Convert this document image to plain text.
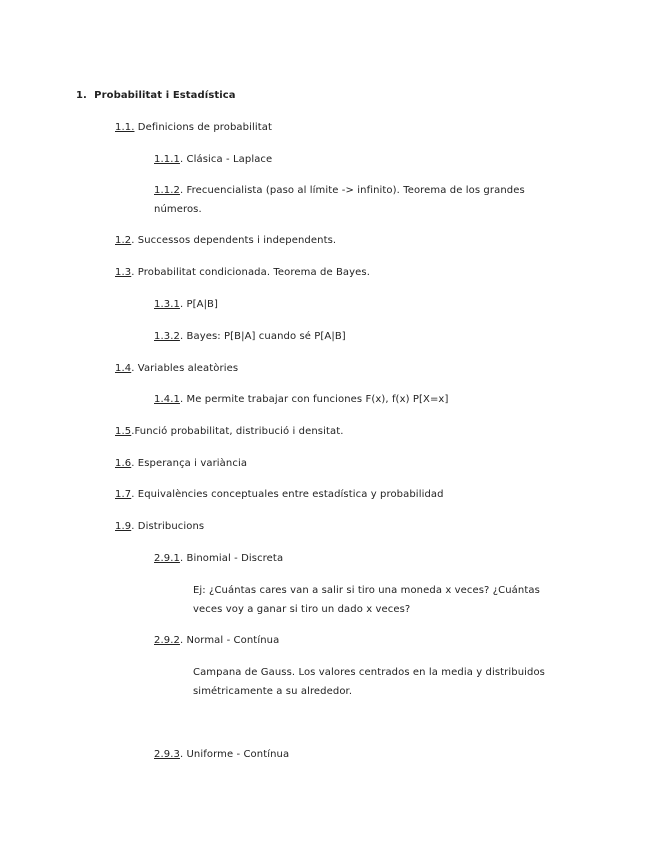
1. Probabilitat i Estadística
1.1. Definicions de probabilitat
1.1.1. Clásica - Laplace
1.1.2. Frecuencialista (paso al límite -> infinito). Teorema de los grandes números.
1.2. Successos dependents i independents.
1.3. Probabilitat condicionada. Teorema de Bayes.
1.3.1. P[A|B]
1.3.2. Bayes: P[B|A] cuando sé P[A|B]
1.4. Variables aleatòries
1.4.1. Me permite trabajar con funciones F(x), f(x) P[X=x]
1.5.Funció probabilitat, distribució i densitat.
1.6. Esperança i variància
1.7. Equivalències conceptuales entre estadística y probabilidad
1.9. Distribucions
2.9.1. Binomial - Discreta
Ej: ¿Cuántas cares van a salir si tiro una moneda x veces? ¿Cuántas veces voy a ganar si tiro un dado x veces?
2.9.2. Normal - Contínua
Campana de Gauss. Los valores centrados en la media y distribuidos simétricamente a su alrededor.
2.9.3. Uniforme - Contínua
